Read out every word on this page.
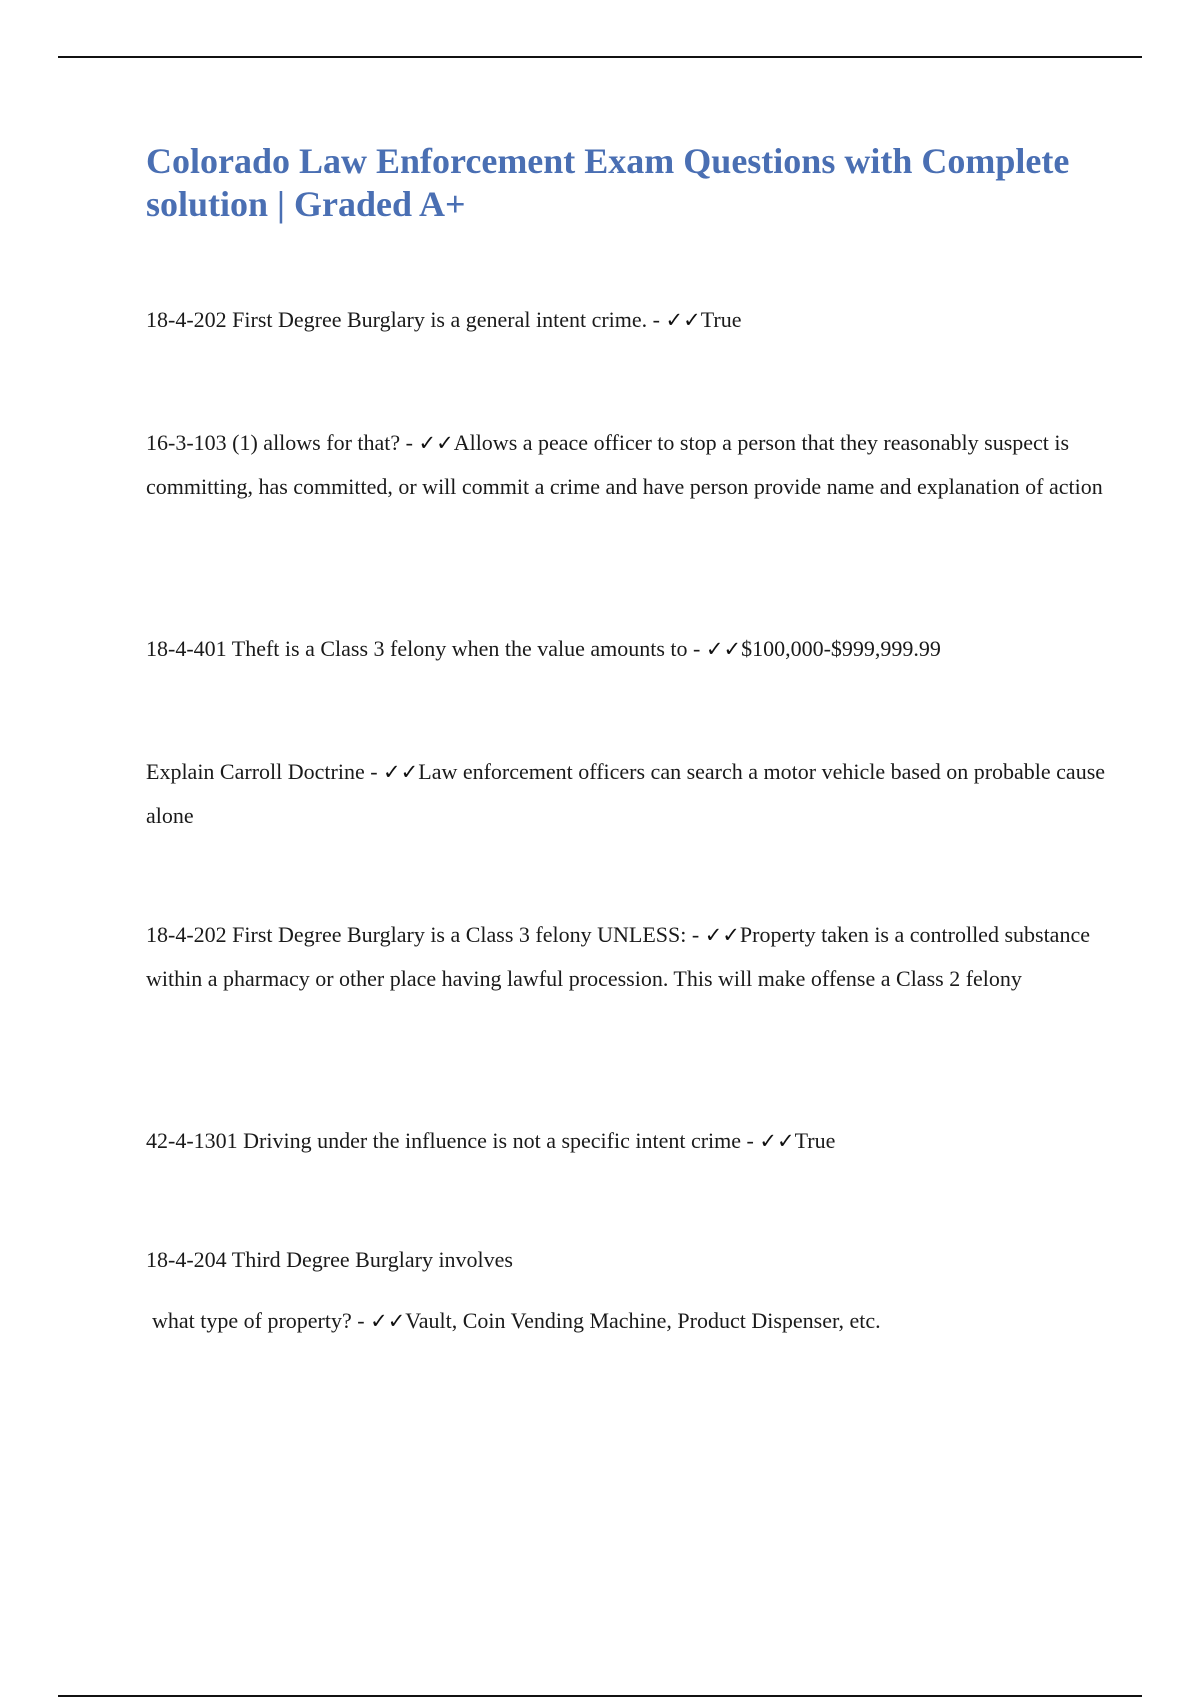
Colorado Law Enforcement Exam Questions with Complete solution | Graded A+

18-4-202 First Degree Burglary is a general intent crime. - ✓✓True

16-3-103 (1) allows for that? - ✓✓Allows a peace officer to stop a person that they reasonably suspect is committing, has committed, or will commit a crime and have person provide name and explanation of action

18-4-401 Theft is a Class 3 felony when the value amounts to - ✓✓$100,000-$999,999.99

Explain Carroll Doctrine - ✓✓Law enforcement officers can search a motor vehicle based on probable cause alone

18-4-202 First Degree Burglary is a Class 3 felony UNLESS: - ✓✓Property taken is a controlled substance within a pharmacy or other place having lawful procession. This will make offense a Class 2 felony

42-4-1301 Driving under the influence is not a specific intent crime - ✓✓True

18-4-204 Third Degree Burglary involves

what type of property? - ✓✓Vault, Coin Vending Machine, Product Dispenser, etc.
